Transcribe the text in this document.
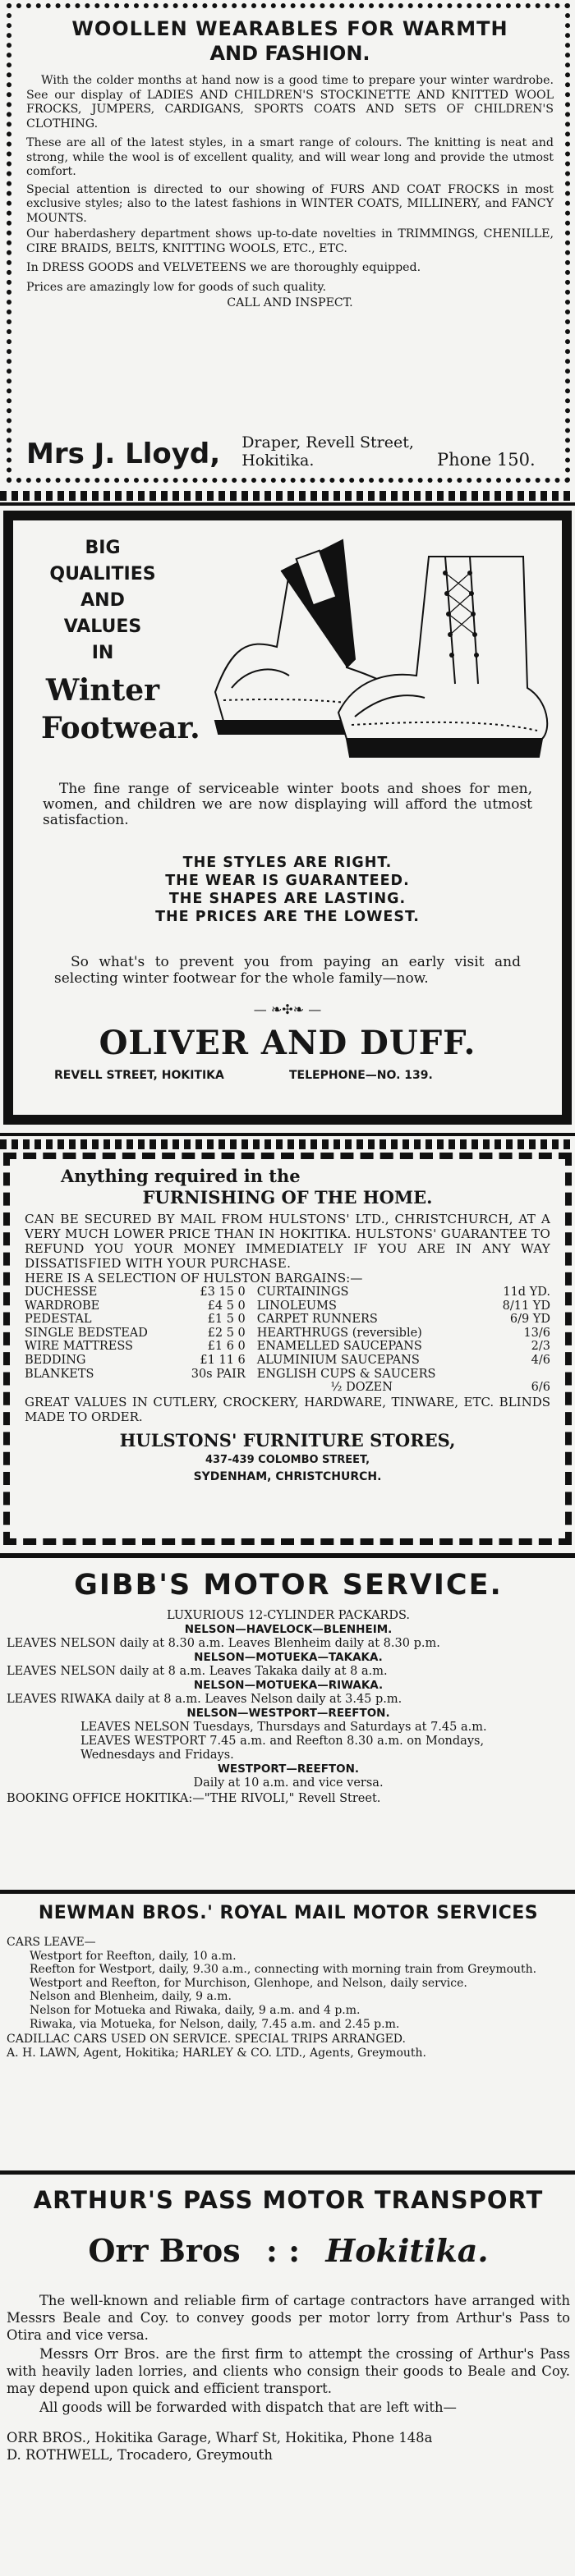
WOOLLEN WEARABLES FOR WARMTH
AND FASHION.

With the colder months at hand now is a good time to prepare your winter wardrobe. See our display of LADIES AND CHILDREN'S STOCKINETTE AND KNITTED WOOL FROCKS, JUMPERS, CARDIGANS, SPORTS COATS AND SETS OF CHILDREN'S CLOTHING.

These are all of the latest styles, in a smart range of colours. The knitting is neat and strong, while the wool is of excellent quality, and will wear long and provide the utmost comfort.

Special attention is directed to our showing of FURS AND COAT FROCKS in most exclusive styles; also to the latest fashions in WINTER COATS, MILLINERY, and FANCY MOUNTS.

Our haberdashery department shows up-to-date novelties in TRIMMINGS, CHENILLE, CIRE BRAIDS, BELTS, KNITTING WOOLS, ETC., ETC.

In DRESS GOODS and VELVETEENS we are thoroughly equipped.

Prices are amazingly low for goods of such quality.

CALL AND INSPECT.

Mrs J. Lloyd, Draper, Revell Street,
Hokitika.	Phone 150.
BIG QUALITIES
AND VALUES
IN
Winter
Footwear.
The fine range of serviceable winter boots and shoes for men, women, and children we are now displaying will afford the utmost satisfaction.
THE STYLES ARE RIGHT.
THE WEAR IS GUARANTEED.
THE SHAPES ARE LASTING.
THE PRICES ARE THE LOWEST.
So what's to prevent you from paying an early visit and selecting winter footwear for the whole family—now.
— ❧✣❧ —
OLIVER AND DUFF.
REVELL STREET, HOKITIKA	TELEPHONE—NO. 139.
Anything required in the
FURNISHING OF THE HOME.
CAN BE SECURED BY MAIL FROM HULSTONS' LTD., CHRISTCHURCH, AT A VERY MUCH LOWER PRICE THAN IN HOKITIKA. HULSTONS' GUARANTEE TO REFUND YOU YOUR MONEY IMMEDIATELY IF YOU ARE IN ANY WAY DISSATISFIED WITH YOUR PURCHASE.
HERE IS A SELECTION OF HULSTON BARGAINS:—
DUCHESSE	£3 15 0	CURTAININGS	11d YD.
WARDROBE	£4 5 0	LINOLEUMS	8/11 YD
PEDESTAL	£1 5 0	CARPET RUNNERS	6/9 YD
SINGLE BEDSTEAD	£2 5 0	HEARTHRUGS (reversible)	13/6
WIRE MATTRESS	£1 6 0	ENAMELLED SAUCEPANS	2/3
BEDDING	£1 11 6	ALUMINIUM SAUCEPANS	4/6
BLANKETS	30s PAIR	ENGLISH CUPS & SAUCERS	
		½ DOZEN	6/6
GREAT VALUES IN CUTLERY, CROCKERY, HARDWARE, TINWARE, ETC. BLINDS MADE TO ORDER.
HULSTONS' FURNITURE STORES,
437-439 COLOMBO STREET,
SYDENHAM, CHRISTCHURCH.
GIBB'S MOTOR SERVICE.
LUXURIOUS 12-CYLINDER PACKARDS.
NELSON—HAVELOCK—BLENHEIM.
LEAVES NELSON daily at 8.30 a.m. Leaves Blenheim daily at 8.30 p.m.
NELSON—MOTUEKA—TAKAKA.
LEAVES NELSON daily at 8 a.m. Leaves Takaka daily at 8 a.m.
NELSON—MOTUEKA—RIWAKA.
LEAVES RIWAKA daily at 8 a.m. Leaves Nelson daily at 3.45 p.m.
NELSON—WESTPORT—REEFTON.
LEAVES NELSON Tuesdays, Thursdays and Saturdays at 7.45 a.m. LEAVES WESTPORT 7.45 a.m. and Reefton 8.30 a.m. on Mondays, Wednesdays and Fridays.
WESTPORT—REEFTON.
Daily at 10 a.m. and vice versa.
BOOKING OFFICE HOKITIKA:—"THE RIVOLI," Revell Street.
NEWMAN BROS.' ROYAL MAIL MOTOR SERVICES
CARS LEAVE—
Westport for Reefton, daily, 10 a.m.
Reefton for Westport, daily, 9.30 a.m., connecting with morning train from Greymouth.
Westport and Reefton, for Murchison, Glenhope, and Nelson, daily service.
Nelson and Blenheim, daily, 9 a.m.
Nelson for Motueka and Riwaka, daily, 9 a.m. and 4 p.m.
Riwaka, via Motueka, for Nelson, daily, 7.45 a.m. and 2.45 p.m.
CADILLAC CARS USED ON SERVICE. SPECIAL TRIPS ARRANGED.
A. H. LAWN, Agent, Hokitika; HARLEY & CO. LTD., Agents, Greymouth.
ARTHUR'S PASS MOTOR TRANSPORT
Orr Bros : : Hokitika.

The well-known and reliable firm of cartage contractors have arranged with Messrs Beale and Coy. to convey goods per motor lorry from Arthur's Pass to Otira and vice versa.

Messrs Orr Bros. are the first firm to attempt the crossing of Arthur's Pass with heavily laden lorries, and clients who consign their goods to Beale and Coy. may depend upon quick and efficient transport.

All goods will be forwarded with dispatch that are left with—

ORR BROS., Hokitika Garage, Wharf St, Hokitika, Phone 148a

D. ROTHWELL, Trocadero, Greymouth
